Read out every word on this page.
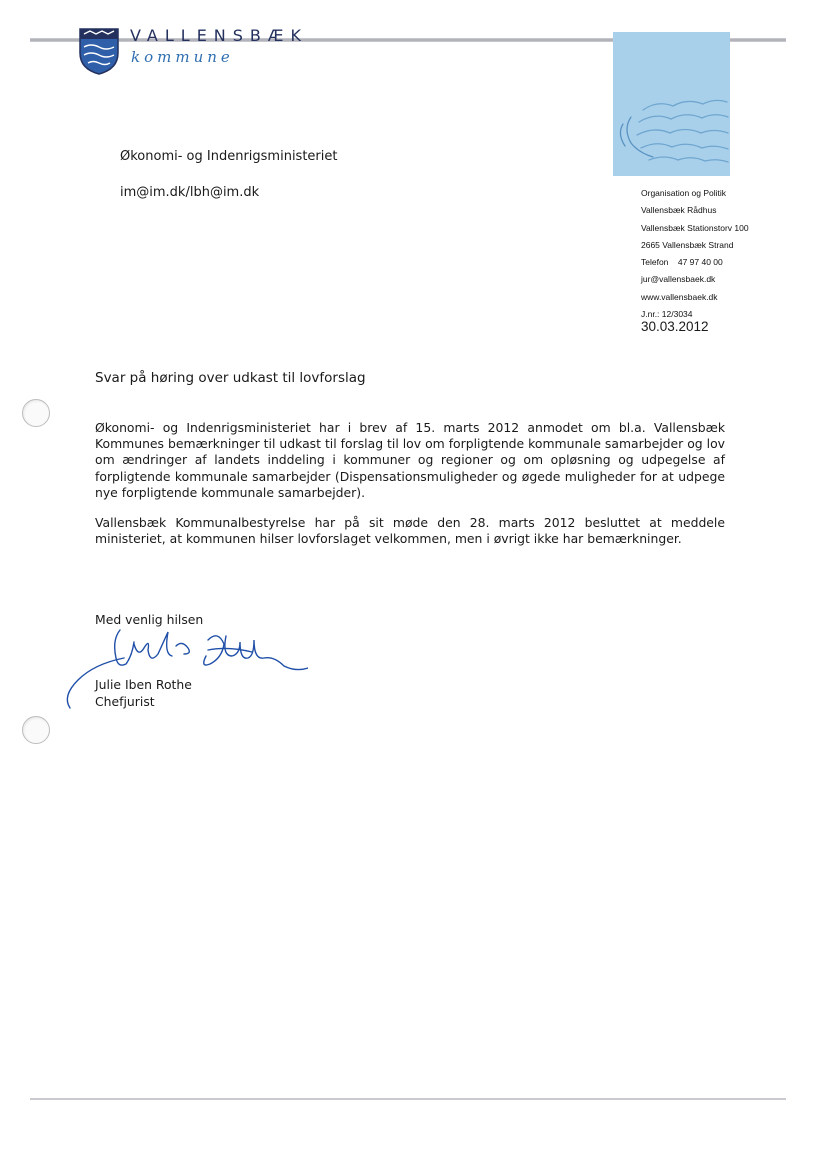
VALLENSBÆK
kommune
Økonomi- og Indenrigsministeriet
im@im.dk/lbh@im.dk	Organisation og Politik
Vallensbæk Rådhus
Vallensbæk Stationstorv 100
2665 Vallensbæk Strand
Telefon    47 97 40 00
jur@vallensbaek.dk
www.vallensbaek.dk
J.nr.: 12/3034
30.03.2012
Svar på høring over udkast til lovforslag

Økonomi- og Indenrigsministeriet har i brev af 15. marts 2012 anmodet om bl.a. Vallensbæk Kommunes bemærkninger til udkast til forslag til lov om forpligtende kommunale samarbejder og lov om ændringer af landets inddeling i kommuner og regioner og om opløsning og udpegelse af forpligtende kommunale samarbejder (Dispensationsmuligheder og øgede muligheder for at udpege nye forpligtende kommunale samarbejder).

Vallensbæk Kommunalbestyrelse har på sit møde den 28. marts 2012 besluttet at meddele ministeriet, at kommunen hilser lovforslaget velkommen, men i øvrigt ikke har bemærkninger.

Med venlig hilsen
Julie Iben Rothe
Chefjurist
